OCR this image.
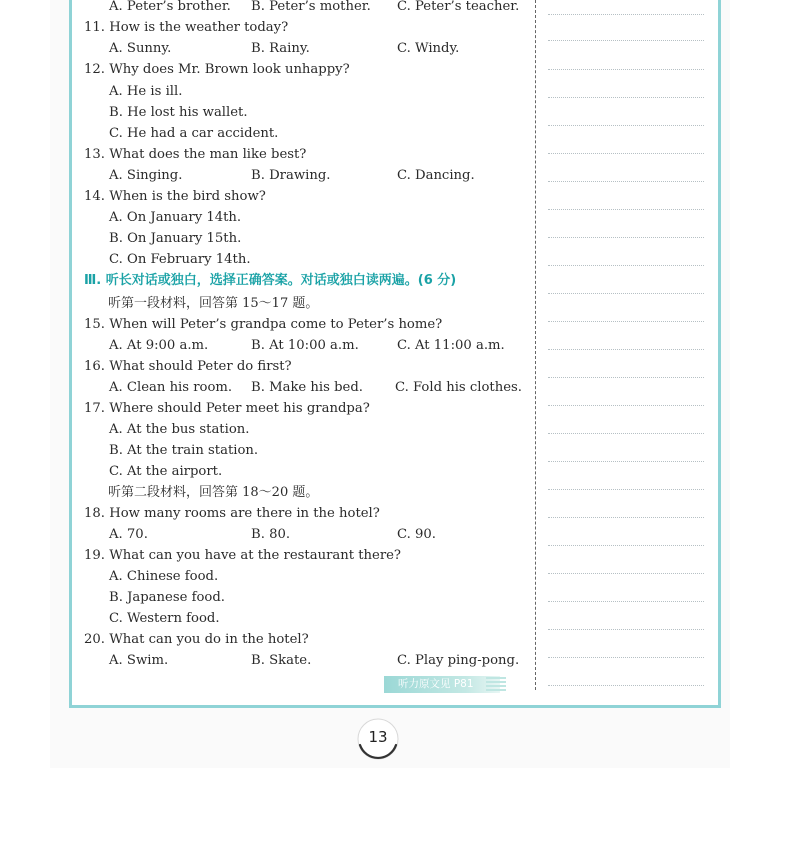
A. Peter’s brother. B. Peter’s mother. C. Peter’s teacher.
11. How is the weather today?
A. Sunny.	B. Rainy.	C. Windy.
12. Why does Mr. Brown look unhappy?
A. He is ill.
B. He lost his wallet.
C. He had a car accident.
13. What does the man like best?
A. Singing.	B. Drawing.	C. Dancing.
14. When is the bird show?
A. On January 14th.
B. On January 15th.
C. On February 14th.
Ⅲ. 听长对话或独白，选择正确答案。对话或独白读两遍。(6 分)
听第一段材料，回答第 15～17 题。
15. When will Peter’s grandpa come to Peter’s home?
A. At 9:00 a.m.	B. At 10:00 a.m.	C. At 11:00 a.m.
16. What should Peter do first?
A. Clean his room. B. Make his bed. C. Fold his clothes.
17. Where should Peter meet his grandpa?
A. At the bus station.
B. At the train station.
C. At the airport.
听第二段材料，回答第 18～20 题。
18. How many rooms are there in the hotel?
A. 70.	B. 80.	C. 90.
19. What can you have at the restaurant there?
A. Chinese food.
B. Japanese food.
C. Western food.
20. What can you do in the hotel?
A. Swim.	B. Skate.	C. Play ping-pong.
听力原文见 P81
13
